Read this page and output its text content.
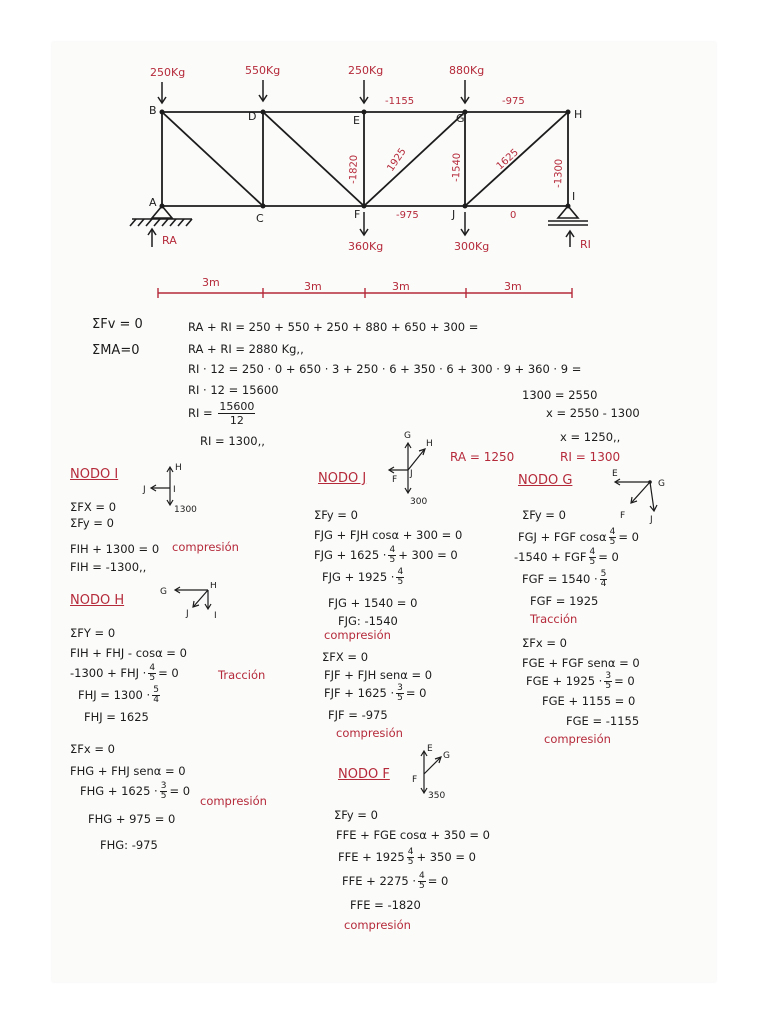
250Kg	550Kg	250Kg	880Kg
360Kg	300Kg
B	D	E	G	H
A
C	F	J
I
-1155	-975
-1820	1925	-1540	1625	-1300
-975	0
RA	RI
3m	3m	3m	3m
ΣFv = 0
ΣMA=0
RA + RI = 250 + 550 + 250 + 880 + 650 + 300 =
RA + RI = 2880 Kg,,
RI · 12 = 250 · 0 + 650 · 3 + 250 · 6 + 350 · 6 + 300 · 9 + 360 · 9 =
RI · 12 = 15600
RI = $\frac{15600}{12}$
RI = 1300,,
1300 = 2550
x = 2550 - 1300
x = 1250,,
RA = 1250	RI = 1300
NODO I	H
J	I
1300
ΣFX = 0
ΣFy = 0
FIH + 1300 = 0 compresión
FIH = -1300,,
NODO H
G
H
J	I
ΣFY = 0
FIH + FHJ - cosα = 0
-1300 + FHJ · $\frac{4}{5} = 0$	Tracción
FHJ = $1300 \cdot \frac{5}{4}$
FHJ = 1625
ΣFx = 0
FHG + FHJ senα = 0
FHG + $1625 \cdot \frac{3}{5} = 0$
compresión
FHG + 975 = 0
FHG: -975
NODO J
G
H
F
J
300
ΣFy = 0
FJG + FJH cosα + 300 = 0
FJG + $1625 \cdot \frac{4}{5} + 300 = 0$
FJG + $1925 \cdot \frac{4}{5}$
FJG + 1540 = 0
FJG: -1540
compresión
ΣFX = 0
FJF + FJH senα = 0
FJF + $1625 \cdot \frac{3}{5} = 0$
FJF = -975
compresión
NODO G	E
G
F	J
ΣFy = 0
FGJ + FGF cosα $\frac{4}{5} = 0$
-1540 + FGF $\frac{4}{5} = 0$
FGF = $1540 \cdot \frac{5}{4}$
FGF = 1925
Tracción
ΣFx = 0
FGE + FGF senα = 0
FGE + $1925 \cdot \frac{3}{5} = 0$
FGE + 1155 = 0
FGE = -1155
compresión
NODO F
E
G
F
350
ΣFy = 0
FFE + FGE cosα + 350 = 0
FFE + $1925 \frac{4}{5} + 350 = 0$
FFE + $2275 \cdot \frac{4}{5} = 0$
FFE = -1820
compresión
